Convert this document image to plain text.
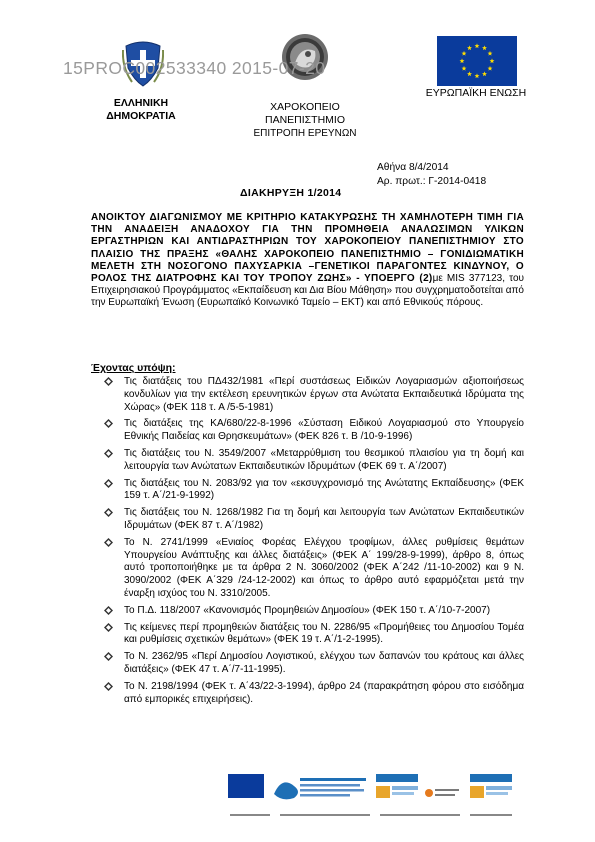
15PROC002533340 2015-07-20
ΕΛΛΗΝΙΚΗ
ΔΗΜΟΚΡΑΤΙΑ
ΧΑΡΟΚΟΠΕΙΟ
ΠΑΝΕΠΙΣΤΗΜΙΟ
ΕΠΙΤΡΟΠΗ ΕΡΕΥΝΩΝ
ΕΥΡΩΠΑΪΚΗ ΕΝΩΣΗ
Αθήνα 8/4/2014
Αρ. πρωτ.: Γ-2014-0418
ΔΙΑΚΗΡΥΞΗ 1/2014
ΑΝΟΙΚΤΟΥ ΔΙΑΓΩΝΙΣΜΟΥ ΜΕ ΚΡΙΤΗΡΙΟ ΚΑΤΑΚΥΡΩΣΗΣ ΤΗ ΧΑΜΗΛΟΤΕΡΗ ΤΙΜΗ ΓΙΑ ΤΗΝ ΑΝΑΔΕΙΞΗ ΑΝΑΔΟΧΟΥ ΓΙΑ ΤΗΝ ΠΡΟΜΗΘΕΙΑ ΑΝΑΛΩΣΙΜΩΝ ΥΛΙΚΩΝ ΕΡΓΑΣΤΗΡΙΩΝ ΚΑΙ ΑΝΤΙΔΡΑΣΤΗΡΙΩΝ ΤΟΥ ΧΑΡΟΚΟΠΕΙΟΥ ΠΑΝΕΠΙΣΤΗΜΙΟΥ ΣΤΟ ΠΛΑΙΣΙΟ ΤΗΣ ΠΡΑΞΗΣ «ΘΑΛΗΣ ΧΑΡΟΚΟΠΕΙΟ ΠΑΝΕΠΙΣΤΗΜΙΟ – ΓΟΝΙΔΙΩΜΑΤΙΚΗ ΜΕΛΕΤΗ ΣΤΗ ΝΟΣΟΓΟΝΟ ΠΑΧΥΣΑΡΚΙΑ –ΓΕΝΕΤΙΚΟΙ ΠΑΡΑΓΟΝΤΕΣ ΚΙΝΔΥΝΟΥ, Ο ΡΟΛΟΣ ΤΗΣ ΔΙΑΤΡΟΦΗΣ ΚΑΙ ΤΟΥ ΤΡΟΠΟΥ ΖΩΗΣ» - ΥΠΟΕΡΓΟ (2)με MIS 377123, του Επιχειρησιακού Προγράμματος «Εκπαίδευση και Δια Βίου Μάθηση» που συγχρηματοδοτείται από την Ευρωπαϊκή Ένωση (Ευρωπαϊκό Κοινωνικό Ταμείο – ΕΚΤ) και από Εθνικούς πόρους.
Έχοντας υπόψη:
Τις διατάξεις του ΠΔ432/1981 «Περί συστάσεως Ειδικών Λογαριασμών αξιοποιήσεως κονδυλίων για την εκτέλεση ερευνητικών έργων στα Ανώτατα Εκπαιδευτικά Ιδρύματα της Χώρας» (ΦΕΚ 118 τ. Α /5-5-1981)
Τις διατάξεις της ΚΑ/680/22-8-1996 «Σύσταση Ειδικού Λογαριασμού στο Υπουργείο Εθνικής Παιδείας και Θρησκευμάτων» (ΦΕΚ 826 τ. Β /10-9-1996)
Τις διατάξεις του Ν. 3549/2007 «Μεταρρύθμιση του θεσμικού πλαισίου για τη δομή και λειτουργία των Ανώτατων Εκπαιδευτικών Ιδρυμάτων (ΦΕΚ 69 τ. Α΄/2007)
Τις διατάξεις του Ν. 2083/92 για τον «εκσυγχρονισμό της Ανώτατης Εκπαίδευσης» (ΦΕΚ 159 τ. Α΄/21-9-1992)
Τις διατάξεις του Ν. 1268/1982 Για τη δομή και λειτουργία των Ανώτατων Εκπαιδευτικών Ιδρυμάτων (ΦΕΚ 87 τ. Α΄/1982)
Το Ν. 2741/1999 «Ενιαίος Φορέας Ελέγχου τροφίμων, άλλες ρυθμίσεις θεμάτων Υπουργείου Ανάπτυξης και άλλες διατάξεις» (ΦΕΚ Α΄ 199/28-9-1999), άρθρο 8, όπως αυτό τροποποιήθηκε με τα άρθρα 2 Ν. 3060/2002 (ΦΕΚ Α΄242 /11-10-2002) και 9 Ν. 3090/2002 (ΦΕΚ Α΄329 /24-12-2002) και όπως το άρθρο αυτό εφαρμόζεται μετά την έναρξη ισχύος του Ν. 3310/2005.
Το Π.Δ. 118/2007 «Κανονισμός Προμηθειών Δημοσίου» (ΦΕΚ 150 τ. Α΄/10-7-2007)
Τις κείμενες περί προμηθειών διατάξεις του Ν. 2286/95 «Προμήθειες του Δημοσίου Τομέα και ρυθμίσεις σχετικών θεμάτων» (ΦΕΚ 19 τ. Α΄/1-2-1995).
Το Ν. 2362/95 «Περί Δημοσίου Λογιστικού, ελέγχου των δαπανών του κράτους και άλλες διατάξεις» (ΦΕΚ 47 τ. Α΄/7-11-1995).
Το Ν. 2198/1994 (ΦΕΚ τ. Α΄43/22-3-1994), άρθρο 24 (παρακράτηση φόρου στο εισόδημα από εμπορικές επιχειρήσεις).
